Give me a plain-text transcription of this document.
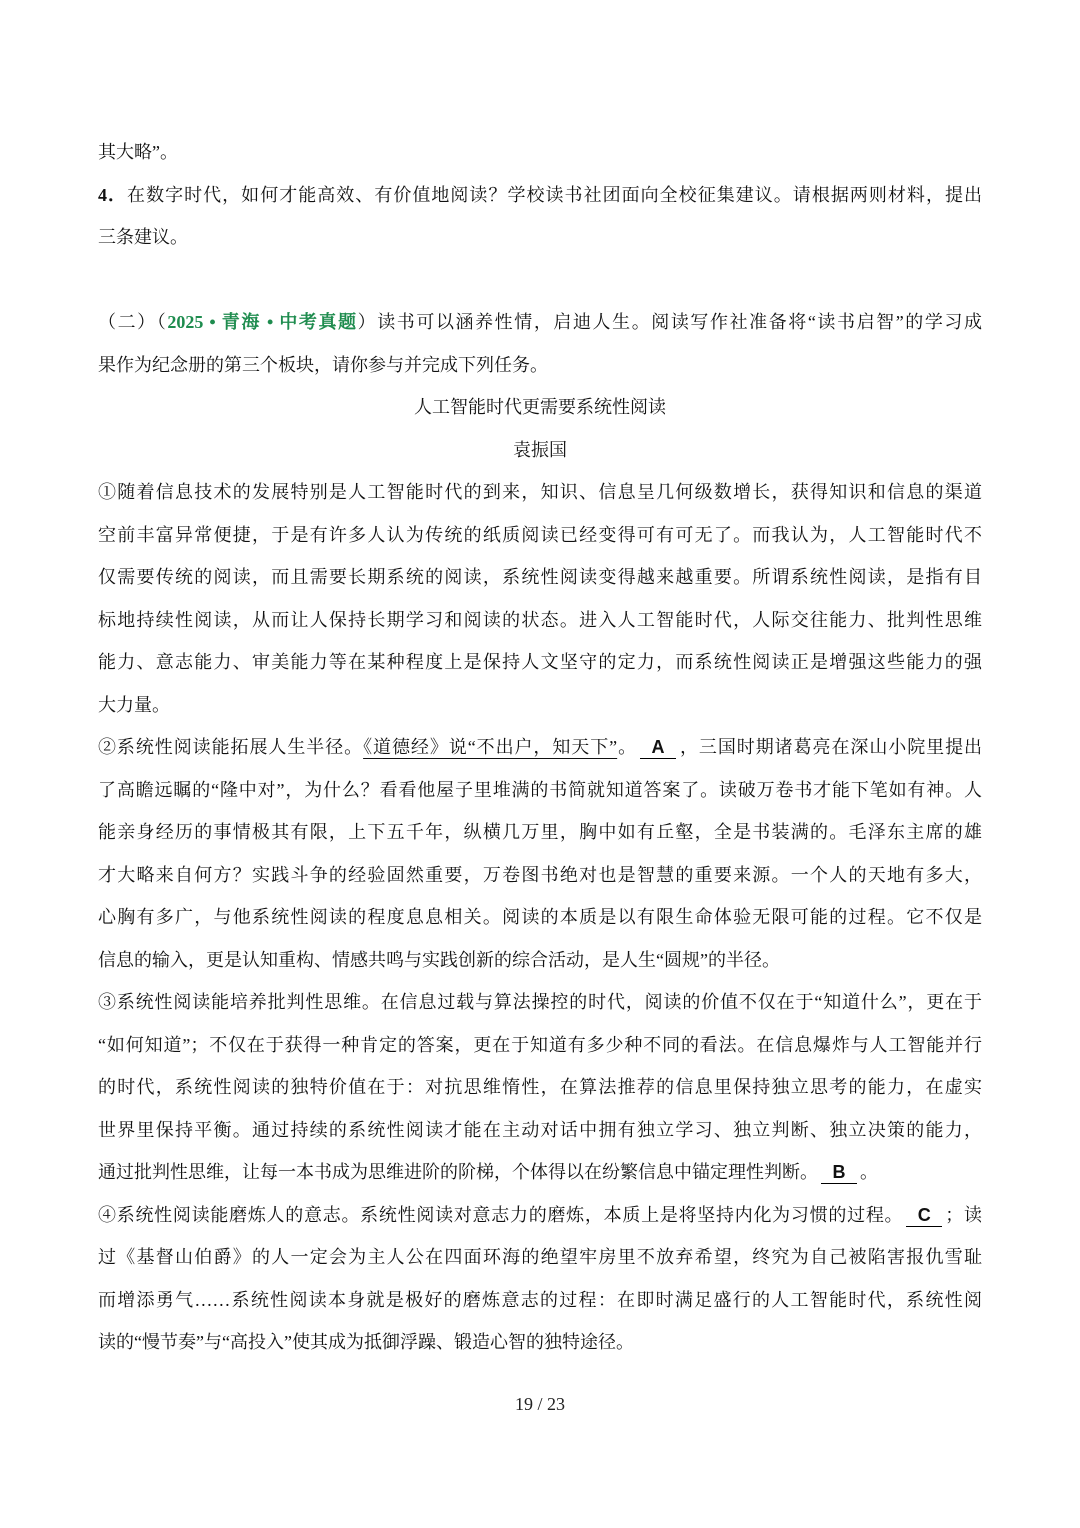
其大略”。
4．在数字时代，如何才能高效、有价值地阅读？学校读书社团面向全校征集建议。请根据两则材料，提出
三条建议。

（二）（2025 • 青海 • 中考真题）读书可以涵养性情，启迪人生。阅读写作社准备将“读书启智”的学习成
果作为纪念册的第三个板块，请你参与并完成下列任务。
人工智能时代更需要系统性阅读
袁振国
①随着信息技术的发展特别是人工智能时代的到来，知识、信息呈几何级数增长，获得知识和信息的渠道
空前丰富异常便捷，于是有许多人认为传统的纸质阅读已经变得可有可无了。而我认为，人工智能时代不
仅需要传统的阅读，而且需要长期系统的阅读，系统性阅读变得越来越重要。所谓系统性阅读，是指有目
标地持续性阅读，从而让人保持长期学习和阅读的状态。进入人工智能时代，人际交往能力、批判性思维
能力、意志能力、审美能力等在某种程度上是保持人文坚守的定力，而系统性阅读正是增强这些能力的强
大力量。
②系统性阅读能拓展人生半径。《道德经》说“不出户，知天下”。 A ，三国时期诸葛亮在深山小院里提出
了高瞻远瞩的“隆中对”，为什么？看看他屋子里堆满的书简就知道答案了。读破万卷书才能下笔如有神。人
能亲身经历的事情极其有限，上下五千年，纵横几万里，胸中如有丘壑，全是书装满的。毛泽东主席的雄
才大略来自何方？实践斗争的经验固然重要，万卷图书绝对也是智慧的重要来源。一个人的天地有多大，
心胸有多广，与他系统性阅读的程度息息相关。阅读的本质是以有限生命体验无限可能的过程。它不仅是
信息的输入，更是认知重构、情感共鸣与实践创新的综合活动，是人生“圆规”的半径。
③系统性阅读能培养批判性思维。在信息过载与算法操控的时代，阅读的价值不仅在于“知道什么”，更在于
“如何知道”；不仅在于获得一种肯定的答案，更在于知道有多少种不同的看法。在信息爆炸与人工智能并行
的时代，系统性阅读的独特价值在于：对抗思维惰性，在算法推荐的信息里保持独立思考的能力，在虚实
世界里保持平衡。通过持续的系统性阅读才能在主动对话中拥有独立学习、独立判断、独立决策的能力，
通过批判性思维，让每一本书成为思维进阶的阶梯，个体得以在纷繁信息中锚定理性判断。 B 。
④系统性阅读能磨炼人的意志。系统性阅读对意志力的磨炼，本质上是将坚持内化为习惯的过程。 C ；读
过《基督山伯爵》的人一定会为主人公在四面环海的绝望牢房里不放弃希望，终究为自己被陷害报仇雪耻
而增添勇气……系统性阅读本身就是极好的磨炼意志的过程：在即时满足盛行的人工智能时代，系统性阅
读的“慢节奏”与“高投入”使其成为抵御浮躁、锻造心智的独特途径。
19 / 23
